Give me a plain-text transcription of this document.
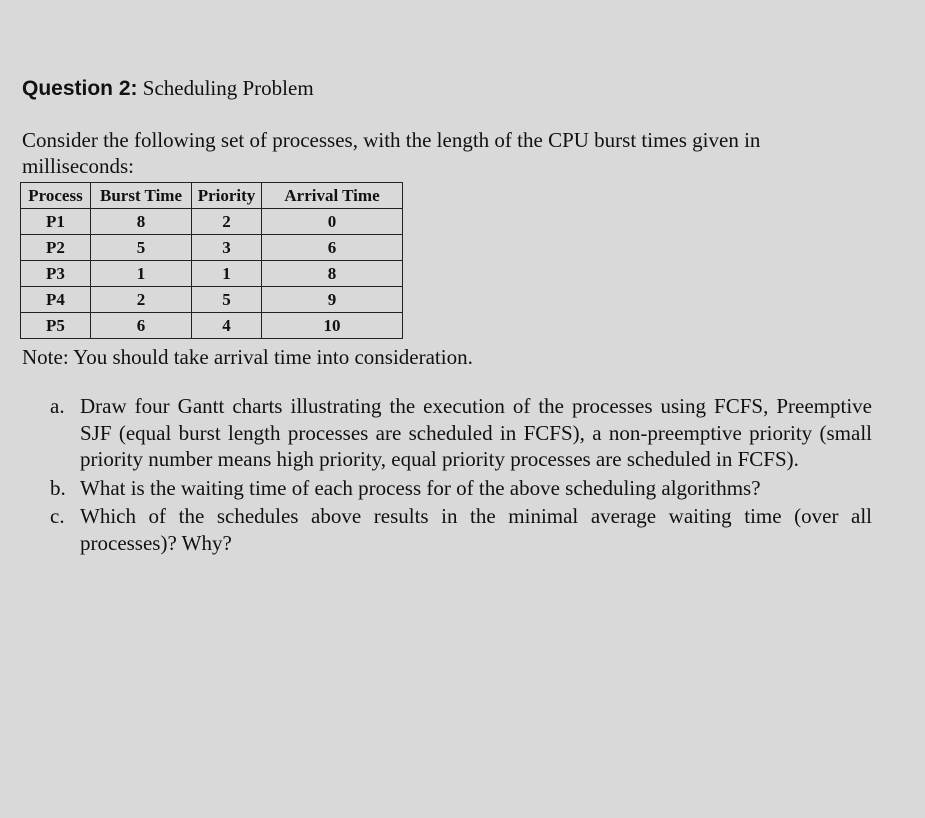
Question 2: Scheduling Problem
Consider the following set of processes, with the length of the CPU burst times given in milliseconds:
Process	Burst Time	Priority	Arrival Time
P1	8	2	0
P2	5	3	6
P3	1	1	8
P4	2	5	9
P5	6	4	10
Note: You should take arrival time into consideration.
a. Draw four Gantt charts illustrating the execution of the processes using FCFS, Preemptive SJF (equal burst length processes are scheduled in FCFS), a non-preemptive priority (small priority number means high priority, equal priority processes are scheduled in FCFS).
b. What is the waiting time of each process for of the above scheduling algorithms?
c. Which of the schedules above results in the minimal average waiting time (over all processes)? Why?
